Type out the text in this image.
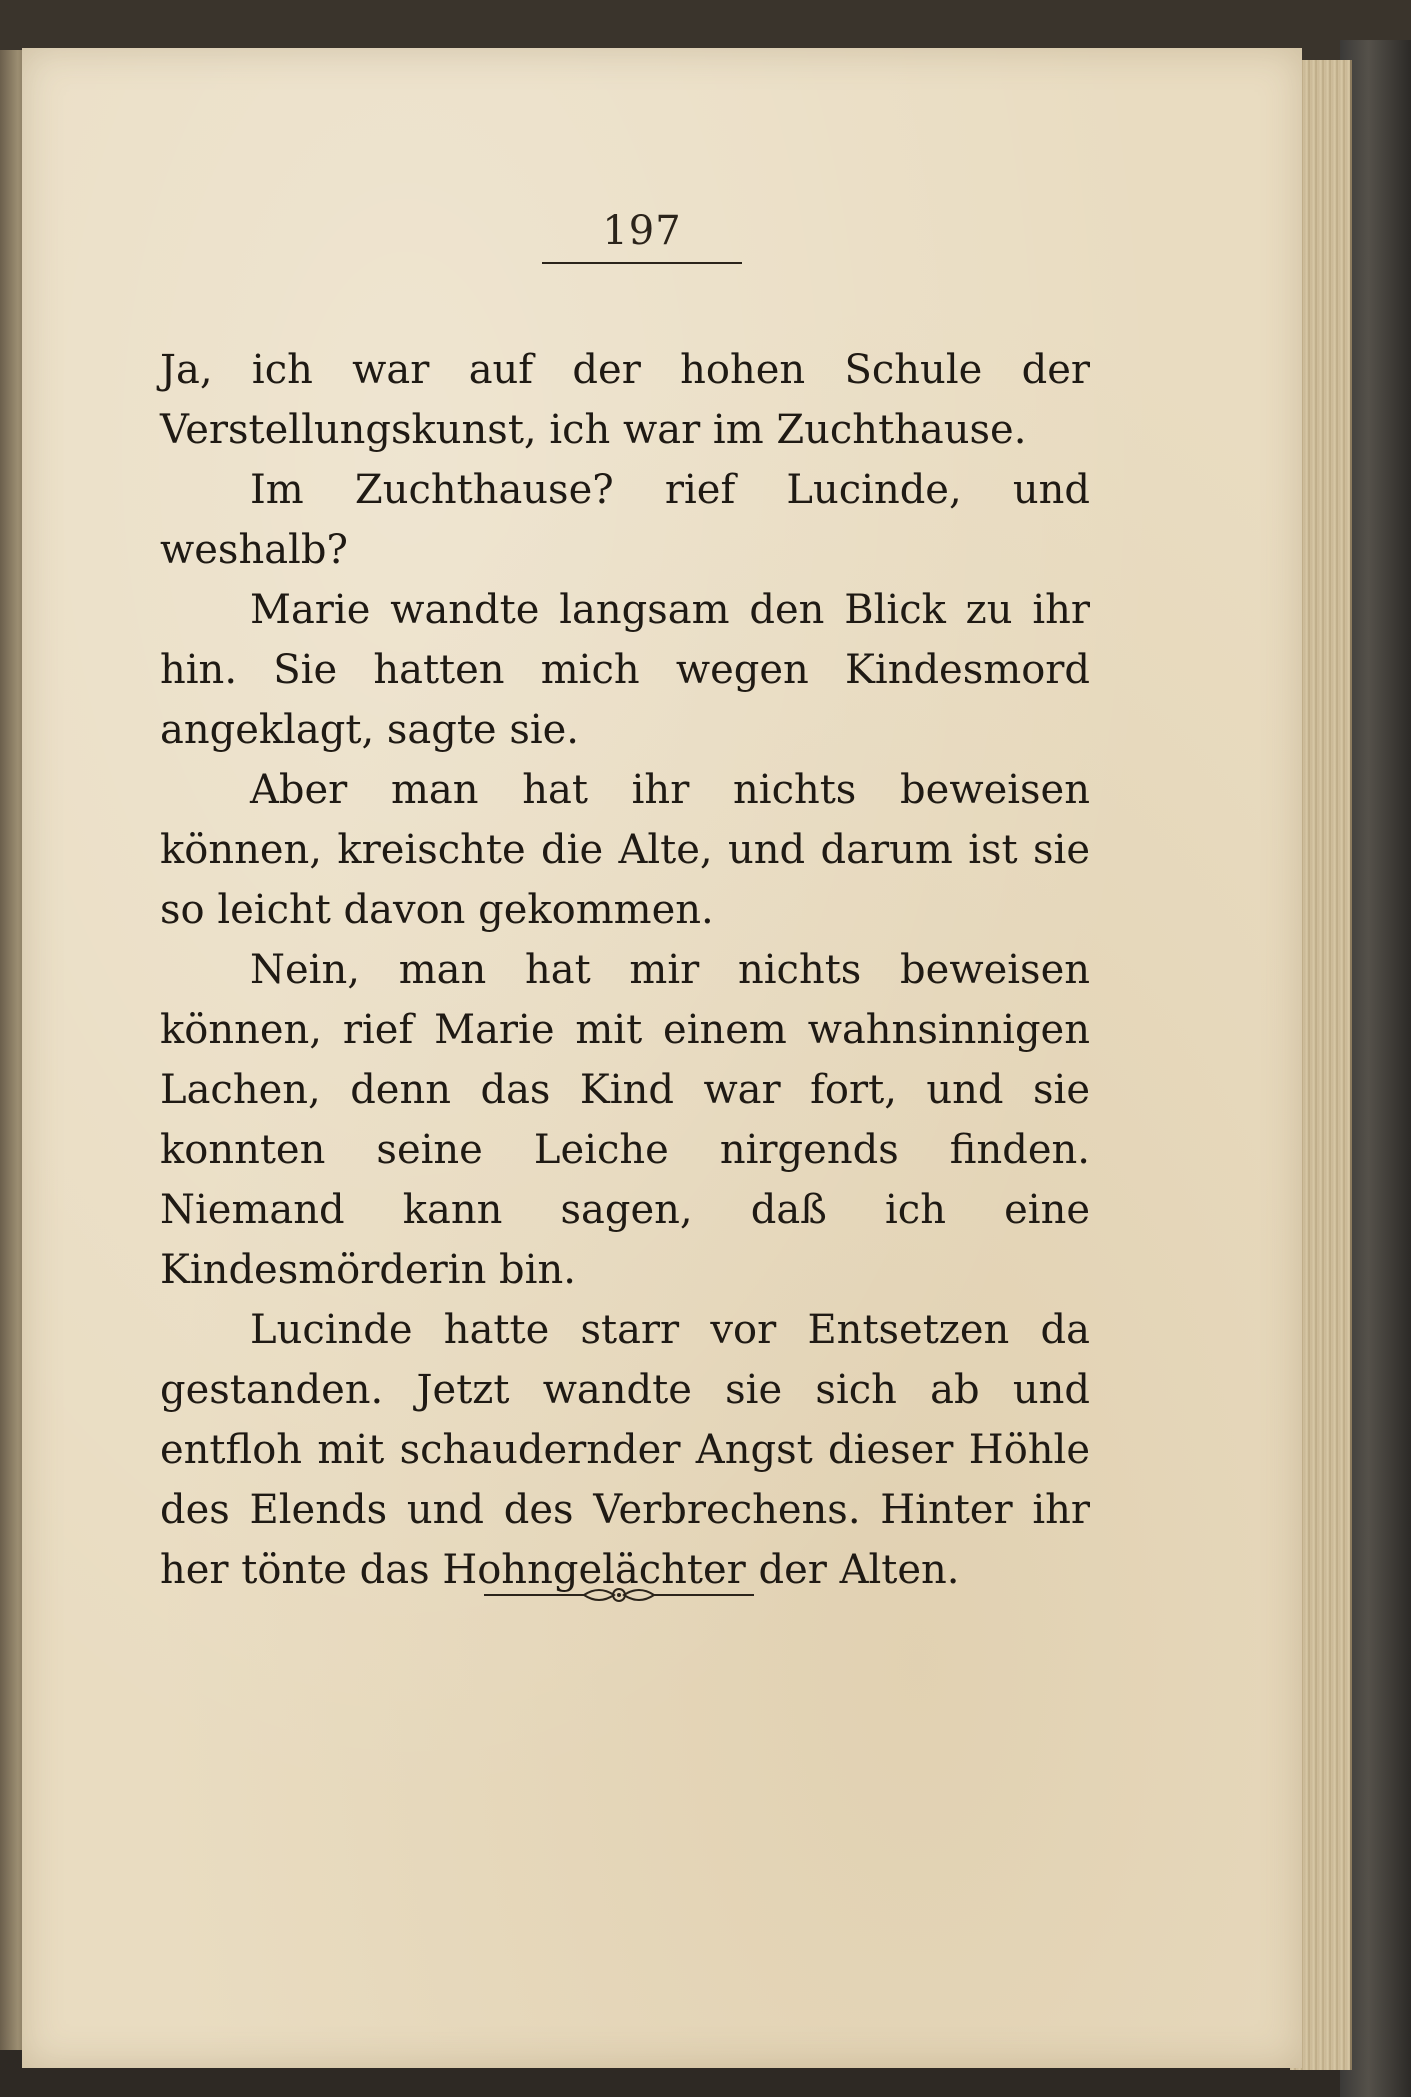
197

Ja, ich war auf der hohen Schule der Verstellungskunst, ich war im Zuchthause.

Im Zuchthause? rief Lucinde, und weshalb?

Marie wandte langsam den Blick zu ihr hin. Sie hatten mich wegen Kindesmord angeklagt, sagte sie.

Aber man hat ihr nichts beweisen können, kreischte die Alte, und darum ist sie so leicht davon gekommen.

Nein, man hat mir nichts beweisen können, rief Marie mit einem wahnsinnigen Lachen, denn das Kind war fort, und sie konnten seine Leiche nirgends finden. Niemand kann sagen, daß ich eine Kindesmörderin bin.

Lucinde hatte starr vor Entsetzen da gestanden. Jetzt wandte sie sich ab und entfloh mit schaudernder Angst dieser Höhle des Elends und des Verbrechens. Hinter ihr her tönte das Hohngelächter der Alten.
